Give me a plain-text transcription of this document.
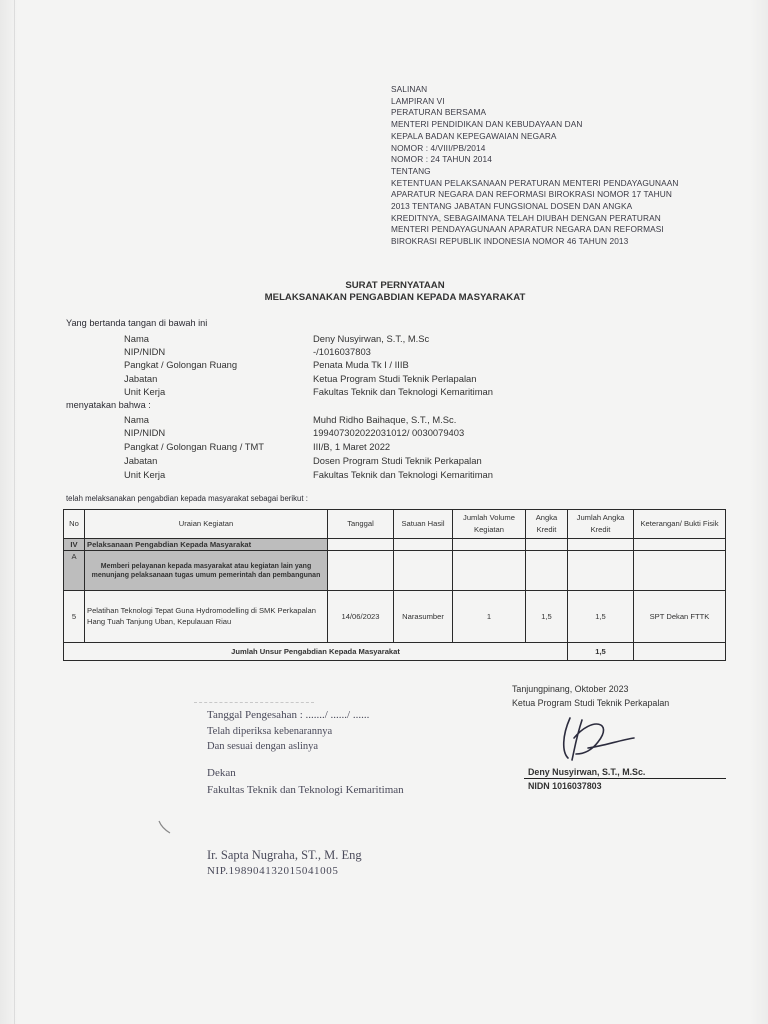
SALINAN
LAMPIRAN VI
PERATURAN BERSAMA
MENTERI PENDIDIKAN DAN KEBUDAYAAN DAN
KEPALA BADAN KEPEGAWAIAN NEGARA
NOMOR : 4/VIII/PB/2014
NOMOR : 24 TAHUN 2014
TENTANG
KETENTUAN PELAKSANAAN PERATURAN MENTERI PENDAYAGUNAAN
APARATUR NEGARA DAN REFORMASI BIROKRASI NOMOR 17 TAHUN
2013 TENTANG JABATAN FUNGSIONAL DOSEN DAN ANGKA
KREDITNYA, SEBAGAIMANA TELAH DIUBAH DENGAN PERATURAN
MENTERI PENDAYAGUNAAN APARATUR NEGARA DAN REFORMASI
BIROKRASI REPUBLIK INDONESIA NOMOR 46 TAHUN 2013
SURAT PERNYATAAN
MELAKSANAKAN PENGABDIAN KEPADA MASYARAKAT
Yang bertanda tangan di bawah ini
Nama	Deny Nusyirwan, S.T., M.Sc
NIP/NIDN	-/1016037803
Pangkat / Golongan Ruang	Penata Muda Tk I / IIIB
Jabatan	Ketua Program Studi Teknik Perlapalan
Unit Kerja	Fakultas Teknik dan Teknologi Kemaritiman
menyatakan bahwa :
Nama	Muhd Ridho Baihaque, S.T., M.Sc.
NIP/NIDN	199407302022031012/ 0030079403
Pangkat / Golongan Ruang / TMT	III/B, 1 Maret 2022
Jabatan	Dosen Program Studi Teknik Perkapalan
Unit Kerja	Fakultas Teknik dan Teknologi Kemaritiman
telah melaksanakan pengabdian kepada masyarakat sebagai berikut :
No	Uraian Kegiatan	Tanggal	Satuan Hasil	Jumlah Volume Kegiatan	Angka Kredit	Jumlah Angka Kredit	Keterangan/ Bukti Fisik
IV	Pelaksanaan Pengabdian Kepada Masyarakat						
A	Memberi pelayanan kepada masyarakat atau kegiatan lain yang menunjang pelaksanaan tugas umum pemerintah dan pembangunan						
5	Pelatihan Teknologi Tepat Guna Hydromodelling di SMK Perkapalan Hang Tuah Tanjung Uban, Kepulauan Riau	14/06/2023	Narasumber	1	1,5	1,5	SPT Dekan FTTK
Jumlah Unsur Pengabdian Kepada Masyarakat						1,5	
Tanjungpinang, Oktober 2023
Ketua Program Studi Teknik Perkapalan
Deny Nusyirwan, S.T., M.Sc.
NIDN 1016037803
Tanggal Pengesahan : ......./ ....../ ......
Telah diperiksa kebenarannya
Dan sesuai dengan aslinya
Dekan
Fakultas Teknik dan Teknologi Kemaritiman
Ir. Sapta Nugraha, ST., M. Eng
NIP.198904132015041005
